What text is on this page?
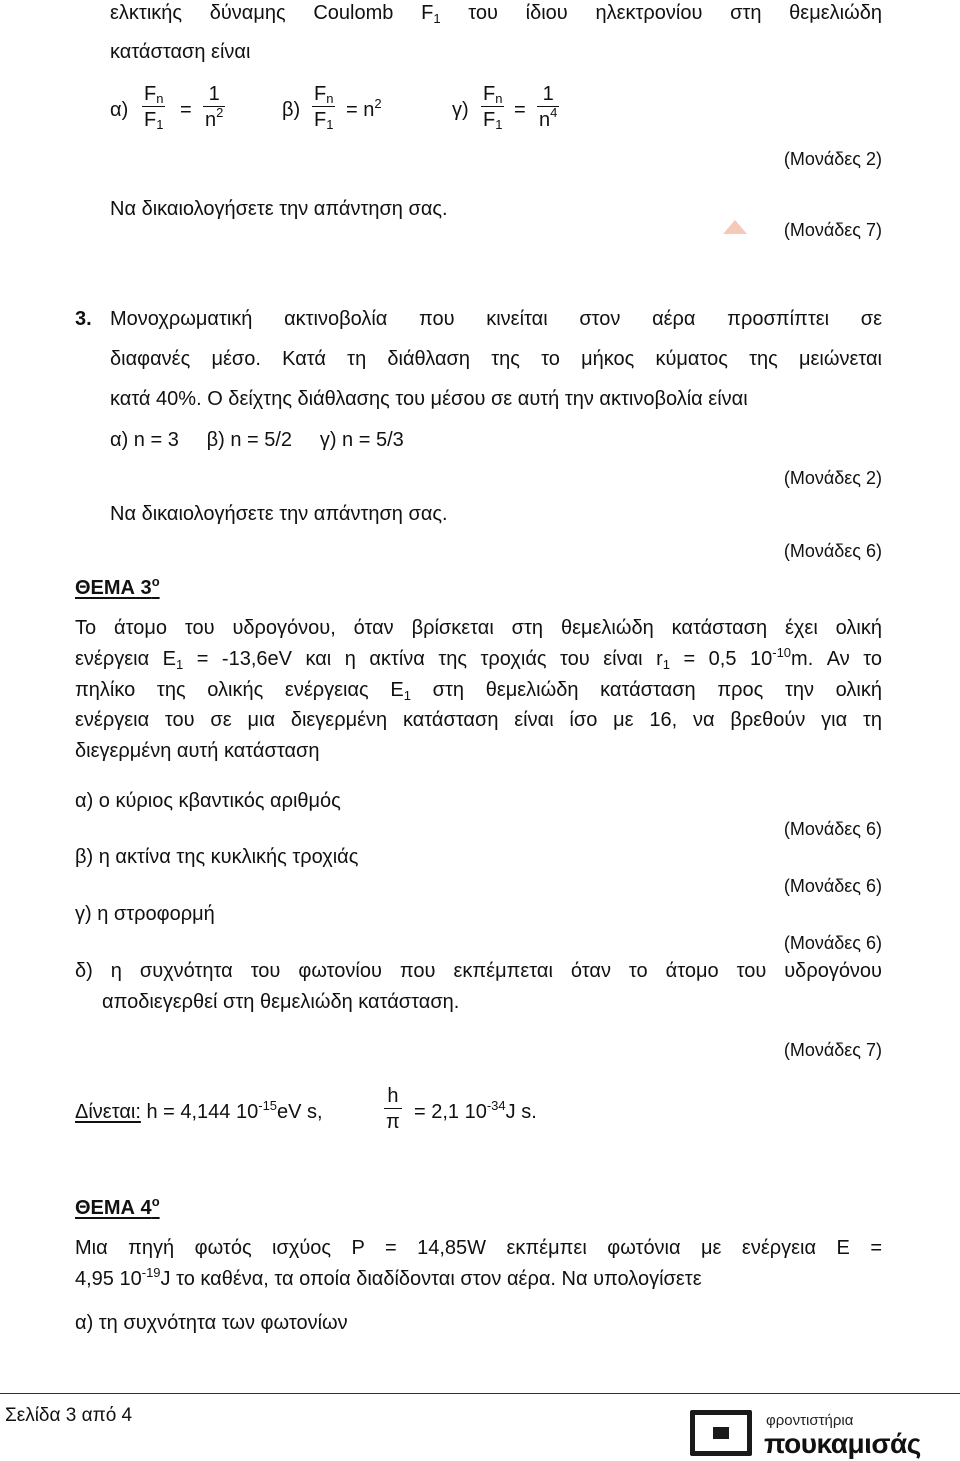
ελκτικής δύναμης Coulomb $F_1$ του ίδιου ηλεκτρονίου στη θεμελιώδη
κατάσταση είναι
$\alpha) \frac{F_n}{F_1} = \frac{1}{n^2}$	$\beta) \frac{F_n}{F_1} = n^2$	$\gamma) \frac{F_n}{F_1} = \frac{1}{n^4}$
(Μονάδες 2)
Να δικαιολογήσετε την απάντηση σας.
(Μονάδες 7)
3. Μονοχρωματική ακτινοβολία που κινείται στον αέρα προσπίπτει σε
διαφανές μέσο. Κατά τη διάθλαση της το μήκος κύματος της μειώνεται
κατά 40%. Ο δείχτης διάθλασης του μέσου σε αυτή την ακτινοβολία είναι
α) n = 3     β) n = 5/2     γ) n = 5/3
(Μονάδες 2)
Να δικαιολογήσετε την απάντηση σας.
(Μονάδες 6)
ΘΕΜΑ $3^o$
Το άτομο του υδρογόνου, όταν βρίσκεται στη θεμελιώδη κατάσταση έχει ολική
ενέργεια $E_1 = -13,6eV$ και η ακτίνα της τροχιάς του είναι $r_1 = 0,5$ $10^{-10}m$. Αν το
πηλίκο της ολικής ενέργειας $E_1$ στη θεμελιώδη κατάσταση προς την ολική
ενέργεια του σε μια διεγερμένη κατάσταση είναι ίσο με 16, να βρεθούν για τη
διεγερμένη αυτή κατάσταση
α) ο κύριος κβαντικός αριθμός
(Μονάδες 6)
β) η ακτίνα της κυκλικής τροχιάς
(Μονάδες 6)
γ) η στροφορμή
(Μονάδες 6)
δ) η συχνότητα του φωτονίου που εκπέμπεται όταν το άτομο του υδρογόνου
αποδιεγερθεί στη θεμελιώδη κατάσταση.
(Μονάδες 7)
Δίνεται: h = 4,144 $10^{-15}eV$ s,	$\frac{h}{\pi} = 2,1$ $10^{-34}J$ s.
ΘΕΜΑ $4^o$
Μια πηγή φωτός ισχύος Ρ = 14,85W εκπέμπει φωτόνια με ενέργεια Ε =
4,95 $10^{-19}J$ το καθένα, τα οποία διαδίδονται στον αέρα. Να υπολογίσετε
α) τη συχνότητα των φωτονίων
Σελίδα 3 από 4	φροντιστήρια
πουκαμισάς
